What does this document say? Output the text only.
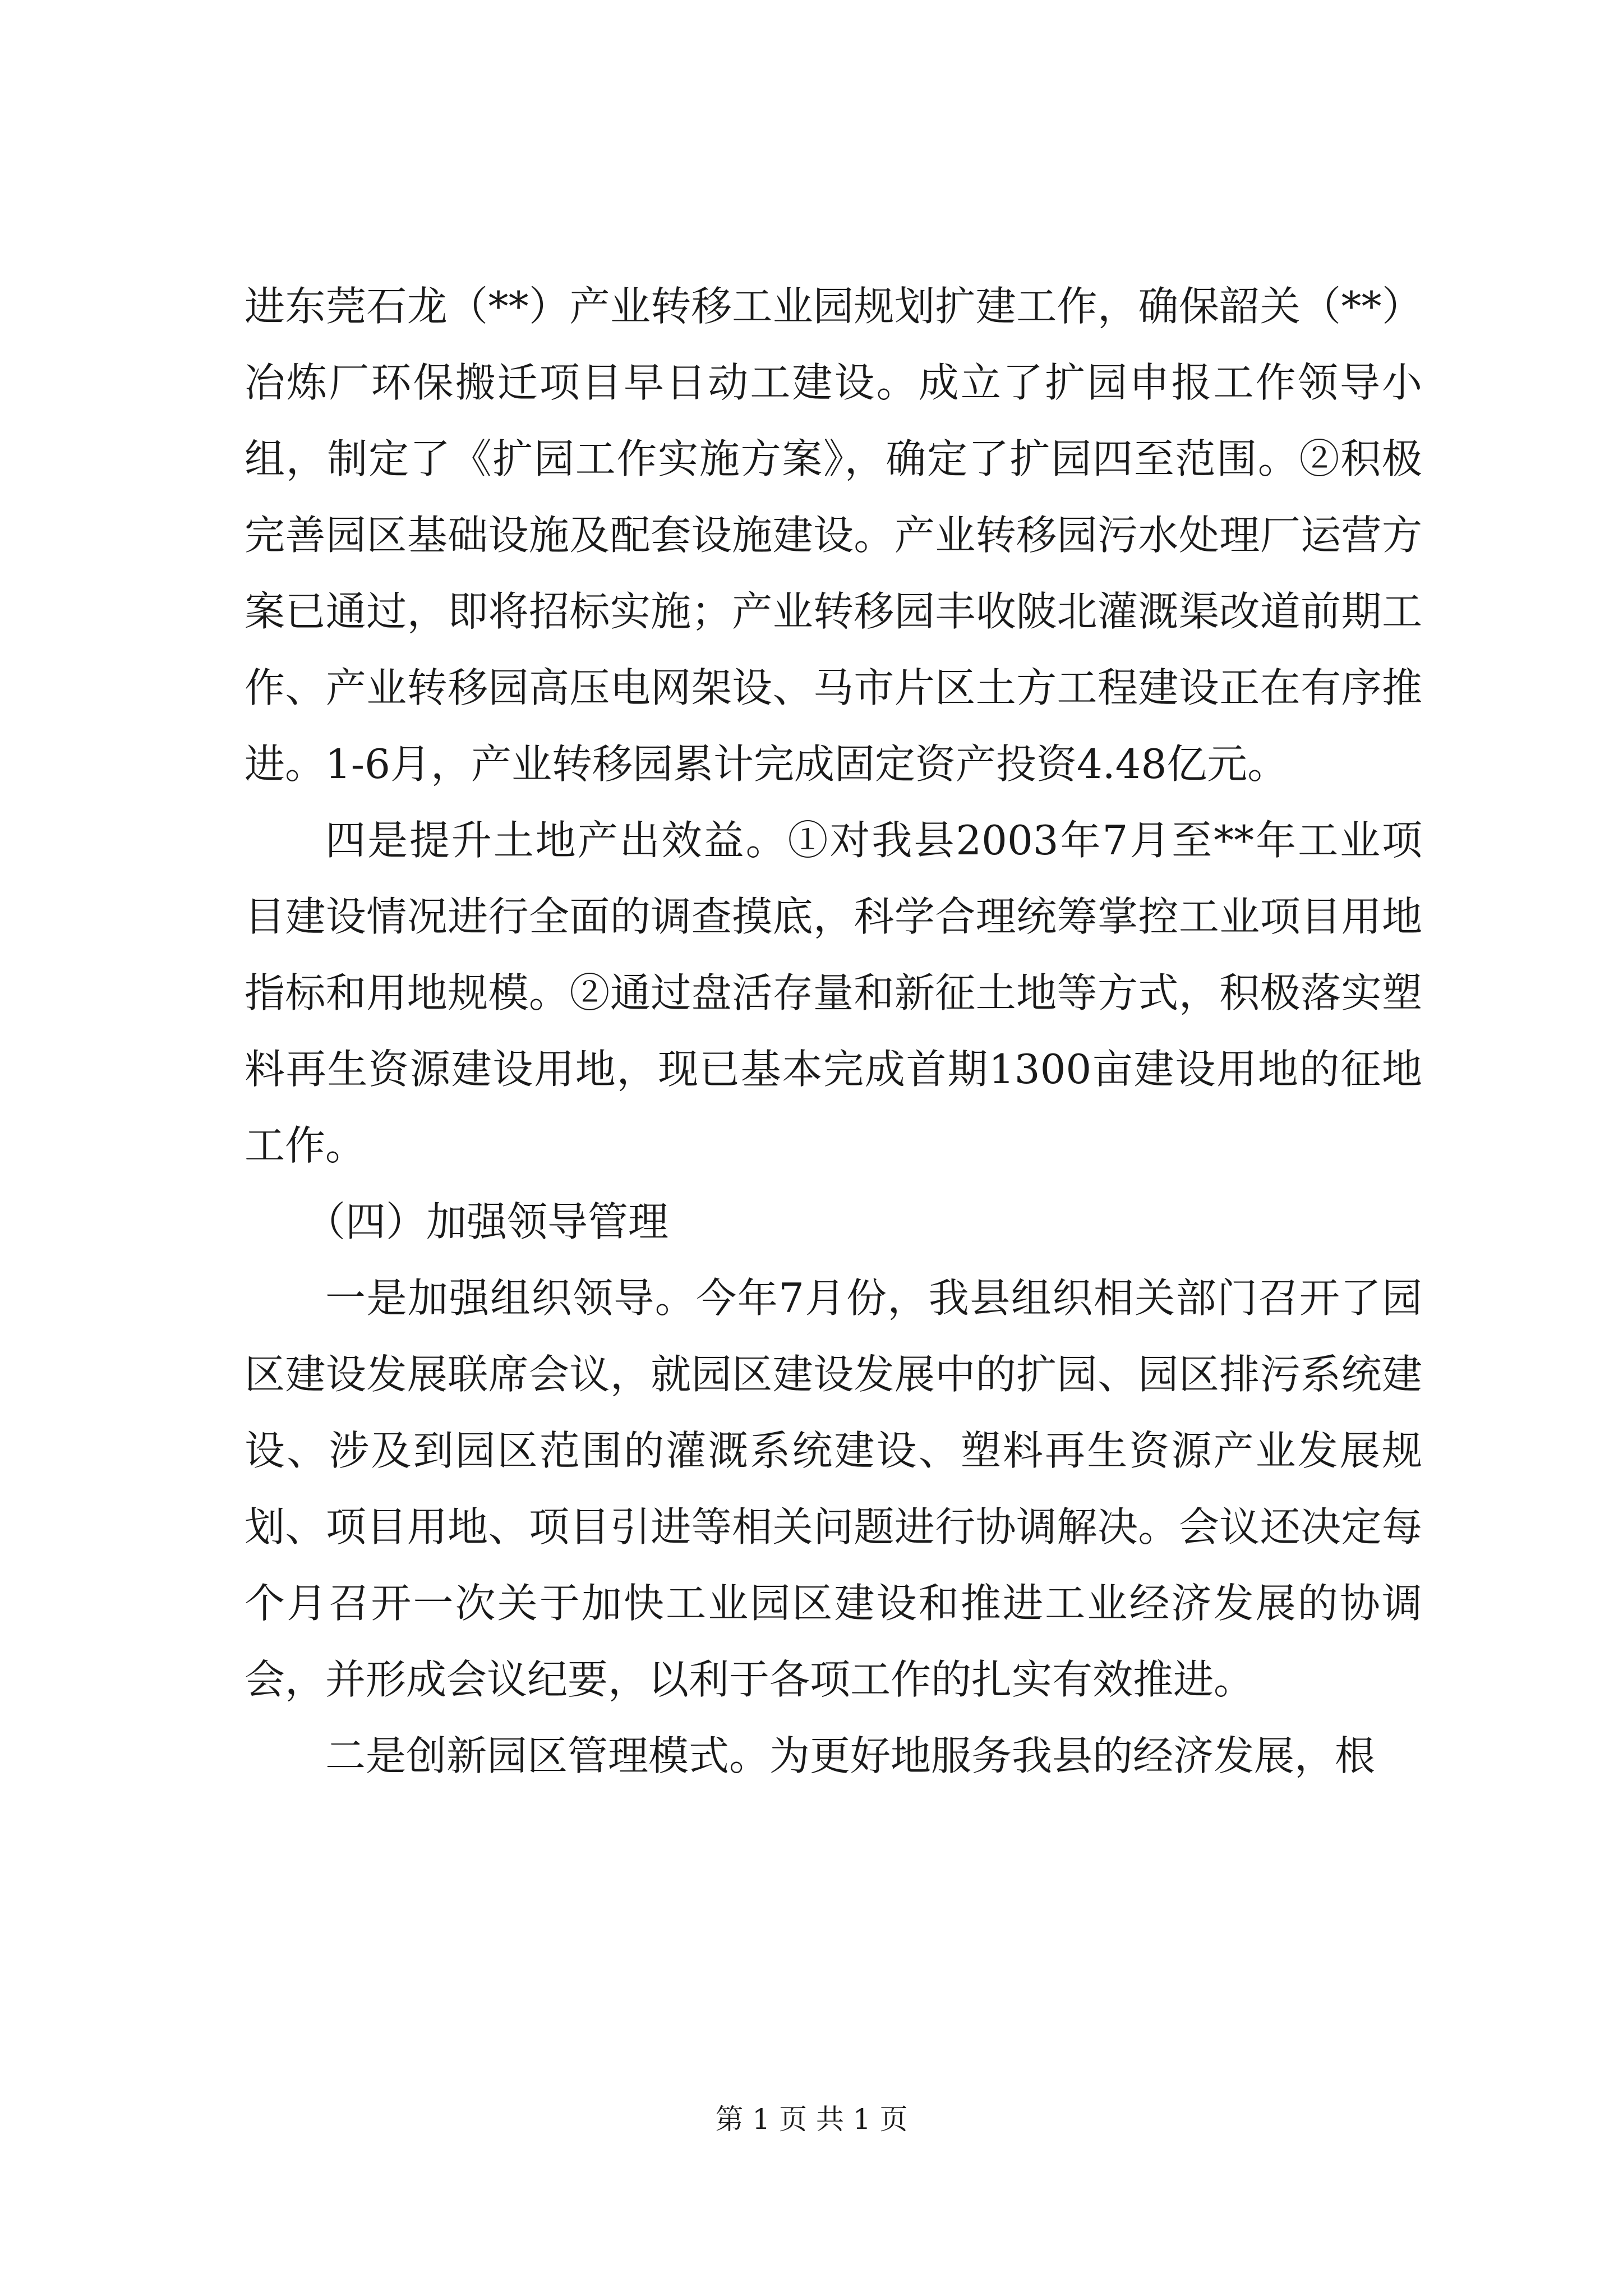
进东莞石龙（**）产业转移工业园规划扩建工作，确保韶关（**）冶炼厂环保搬迁项目早日动工建设。成立了扩园申报工作领导小组，制定了《扩园工作实施方案》，确定了扩园四至范围。②积极完善园区基础设施及配套设施建设。产业转移园污水处理厂运营方案已通过，即将招标实施；产业转移园丰收陂北灌溉渠改道前期工作、产业转移园高压电网架设、马市片区土方工程建设正在有序推进。1-6月，产业转移园累计完成固定资产投资4.48亿元。

四是提升土地产出效益。①对我县2003年7月至**年工业项目建设情况进行全面的调查摸底，科学合理统筹掌控工业项目用地指标和用地规模。②通过盘活存量和新征土地等方式，积极落实塑料再生资源建设用地，现已基本完成首期1300亩建设用地的征地工作。

（四）加强领导管理

一是加强组织领导。今年7月份，我县组织相关部门召开了园区建设发展联席会议，就园区建设发展中的扩园、园区排污系统建设、涉及到园区范围的灌溉系统建设、塑料再生资源产业发展规划、项目用地、项目引进等相关问题进行协调解决。会议还决定每个月召开一次关于加快工业园区建设和推进工业经济发展的协调会，并形成会议纪要，以利于各项工作的扎实有效推进。

二是创新园区管理模式。为更好地服务我县的经济发展，根

第 1 页 共 1 页
